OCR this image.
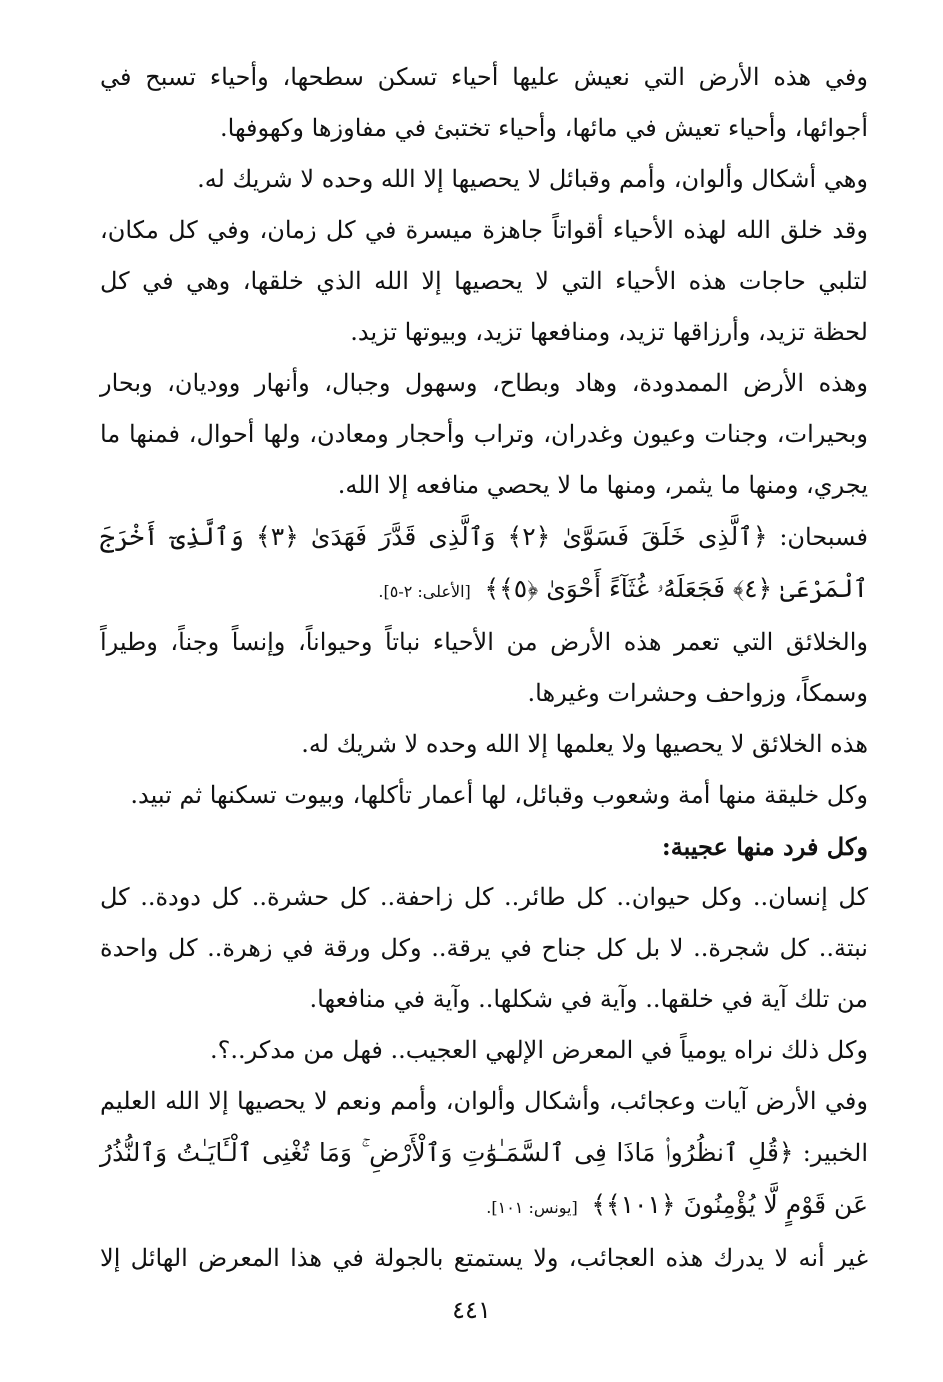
وفي هذه الأرض التي نعيش عليها أحياء تسكن سطحها، وأحياء تسبح في أجوائها، وأحياء تعيش في مائها، وأحياء تختبئ في مفاوزها وكهوفها.

وهي أشكال وألوان، وأمم وقبائل لا يحصيها إلا الله وحده لا شريك له.

وقد خلق الله لهذه الأحياء أقواتاً جاهزة ميسرة في كل زمان، وفي كل مكان، لتلبي حاجات هذه الأحياء التي لا يحصيها إلا الله الذي خلقها، وهي في كل لحظة تزيد، وأرزاقها تزيد، ومنافعها تزيد، وبيوتها تزيد.

وهذه الأرض الممدودة، وهاد وبطاح، وسهول وجبال، وأنهار ووديان، وبحار وبحيرات، وجنات وعيون وغدران، وتراب وأحجار ومعادن، ولها أحوال، فمنها ما يجري، ومنها ما يثمر، ومنها ما لا يحصي منافعه إلا الله.

فسبحان: ﴿ٱلَّذِى خَلَقَ فَسَوَّىٰ ﴿٢﴾ وَٱلَّذِى قَدَّرَ فَهَدَىٰ ﴿٣﴾ وَٱلَّذِىٓ أَخْرَجَ ٱلْمَرْعَىٰ ﴿٤﴾ فَجَعَلَهُۥ غُثَآءً أَحْوَىٰ ﴿٥﴾﴾ [الأعلى: ٢-٥].

والخلائق التي تعمر هذه الأرض من الأحياء نباتاً وحيواناً، وإنساً وجناً، وطيراً وسمكاً، وزواحف وحشرات وغيرها.

هذه الخلائق لا يحصيها ولا يعلمها إلا الله وحده لا شريك له.

وكل خليقة منها أمة وشعوب وقبائل، لها أعمار تأكلها، وبيوت تسكنها ثم تبيد.

وكل فرد منها عجيبة:

كل إنسان.. وكل حيوان.. كل طائر.. كل زاحفة.. كل حشرة.. كل دودة.. كل نبتة.. كل شجرة.. لا بل كل جناح في يرقة.. وكل ورقة في زهرة.. كل واحدة من تلك آية في خلقها.. وآية في شكلها.. وآية في منافعها.

وكل ذلك نراه يومياً في المعرض الإلهي العجيب.. فهل من مدكر..؟.

وفي الأرض آيات وعجائب، وأشكال وألوان، وأمم ونعم لا يحصيها إلا الله العليم الخبير: ﴿قُلِ ٱنظُرُوا۟ مَاذَا فِى ٱلسَّمَـٰوَٰتِ وَٱلْأَرْضِ ۚ وَمَا تُغْنِى ٱلْـَٔايَـٰتُ وَٱلنُّذُرُ عَن قَوْمٍ لَّا يُؤْمِنُونَ ﴿١٠١﴾﴾ [يونس: ١٠١].

غير أنه لا يدرك هذه العجائب، ولا يستمتع بالجولة في هذا المعرض الهائل إلا

٤٤١
